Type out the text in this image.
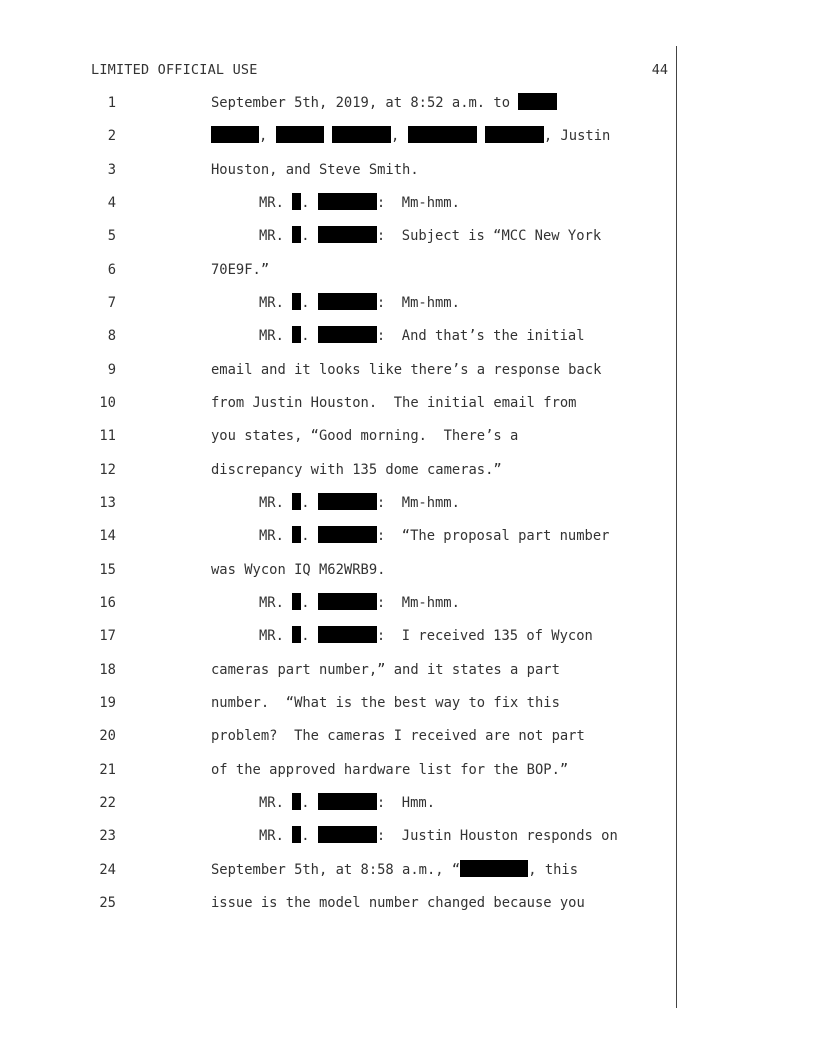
LIMITED OFFICIAL USE	44

1

	September 5th, 2019, at 8:52 a.m. to

2

	,	,	, Justin

3

	Houston, and Steve Smith.

4

	MR. .	:  Mm-hmm.

5

	MR. .	:  Subject is “MCC New York

6

	70E9F.”

7

	MR. .	:  Mm-hmm.

8

	MR. .	:  And that’s the initial

9

	email and it looks like there’s a response back

10

	from Justin Houston.  The initial email from

11

	you states, “Good morning.  There’s a

12

	discrepancy with 135 dome cameras.”

13

	MR. .	:  Mm-hmm.

14

	MR. .	:  “The proposal part number

15

	was Wycon IQ M62WRB9.

16

	MR. .	:  Mm-hmm.

17

	MR. .	:  I received 135 of Wycon

18

	cameras part number,” and it states a part

19

	number.  “What is the best way to fix this

20

	problem?  The cameras I received are not part

21

	of the approved hardware list for the BOP.”

22

	MR. .	:  Hmm.

23

	MR. .	:  Justin Houston responds on

24

	September 5th, at 8:58 a.m., “	, this

25

	issue is the model number changed because you
